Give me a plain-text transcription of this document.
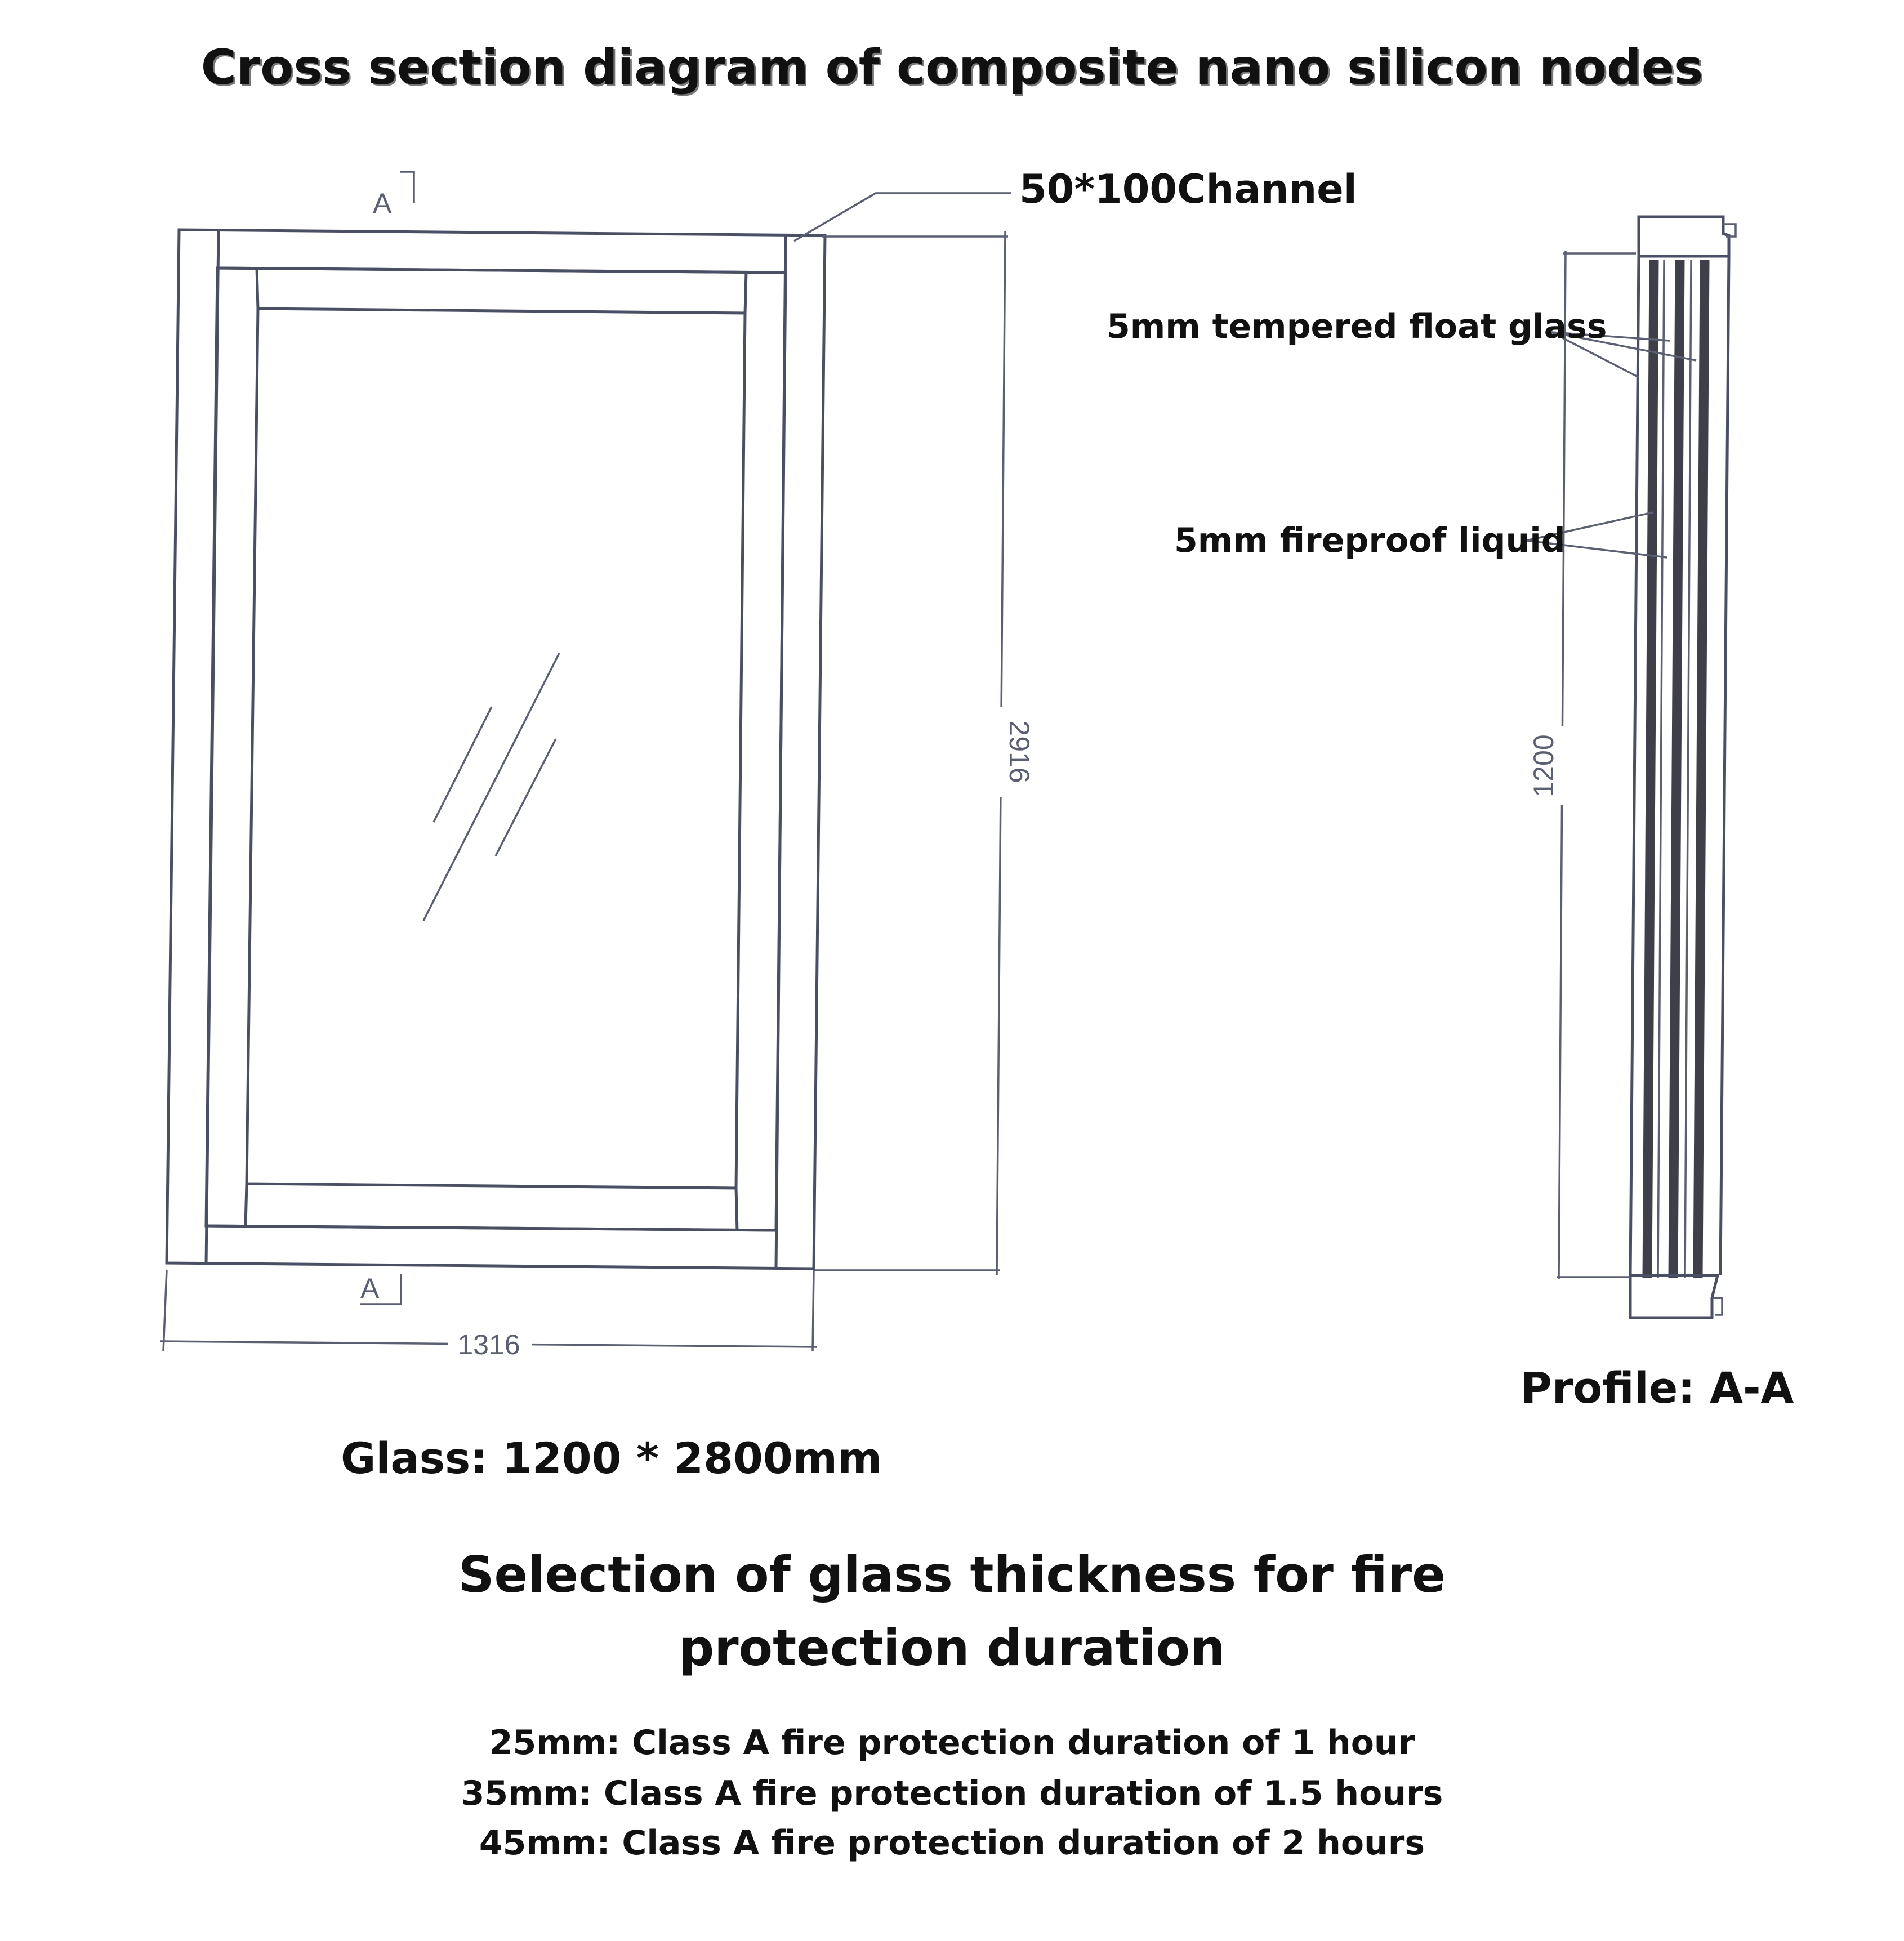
Cross section diagram of composite nano silicon nodes
A
A
2916
1316
1200
50*100Channel
5mm tempered float glass
5mm fireproof liquid
Profile: A-A
Glass: 1200 * 2800mm
Selection of glass thickness for fire
protection duration
25mm: Class A fire protection duration of 1 hour
35mm: Class A fire protection duration of 1.5 hours
45mm: Class A fire protection duration of 2 hours
